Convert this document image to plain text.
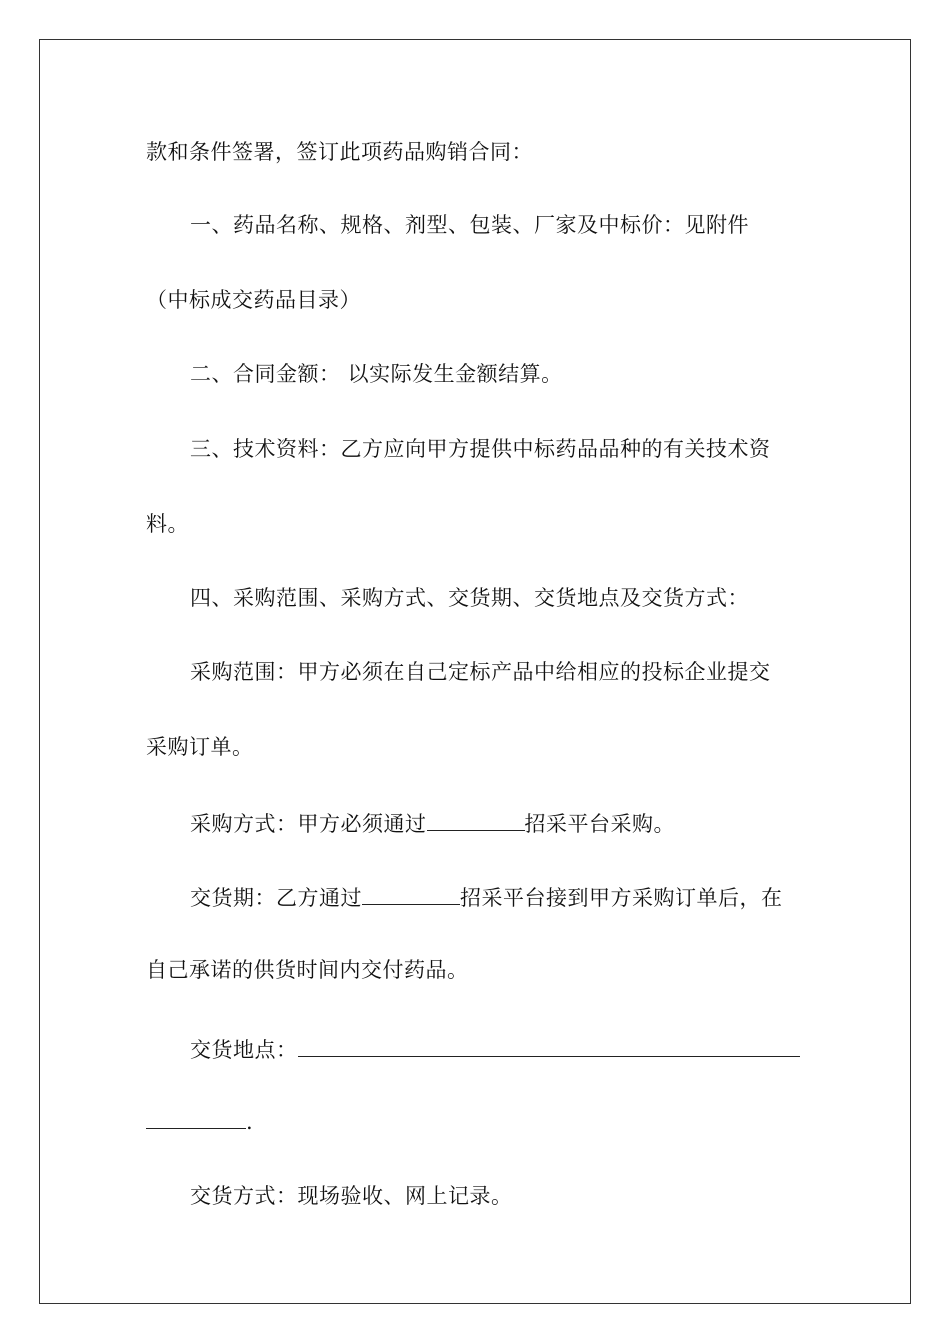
款和条件签署，签订此项药品购销合同：
一、药品名称、规格、剂型、包装、厂家及中标价：见附件
（中标成交药品目录）
二、合同金额： 以实际发生金额结算。
三、技术资料：乙方应向甲方提供中标药品品种的有关技术资
料。
四、采购范围、采购方式、交货期、交货地点及交货方式：
采购范围：甲方必须在自己定标产品中给相应的投标企业提交
采购订单。
采购方式：甲方必须通过	招采平台采购。
交货期：乙方通过	招采平台接到甲方采购订单后，在
自己承诺的供货时间内交付药品。
交货地点：
.
交货方式：现场验收、网上记录。
